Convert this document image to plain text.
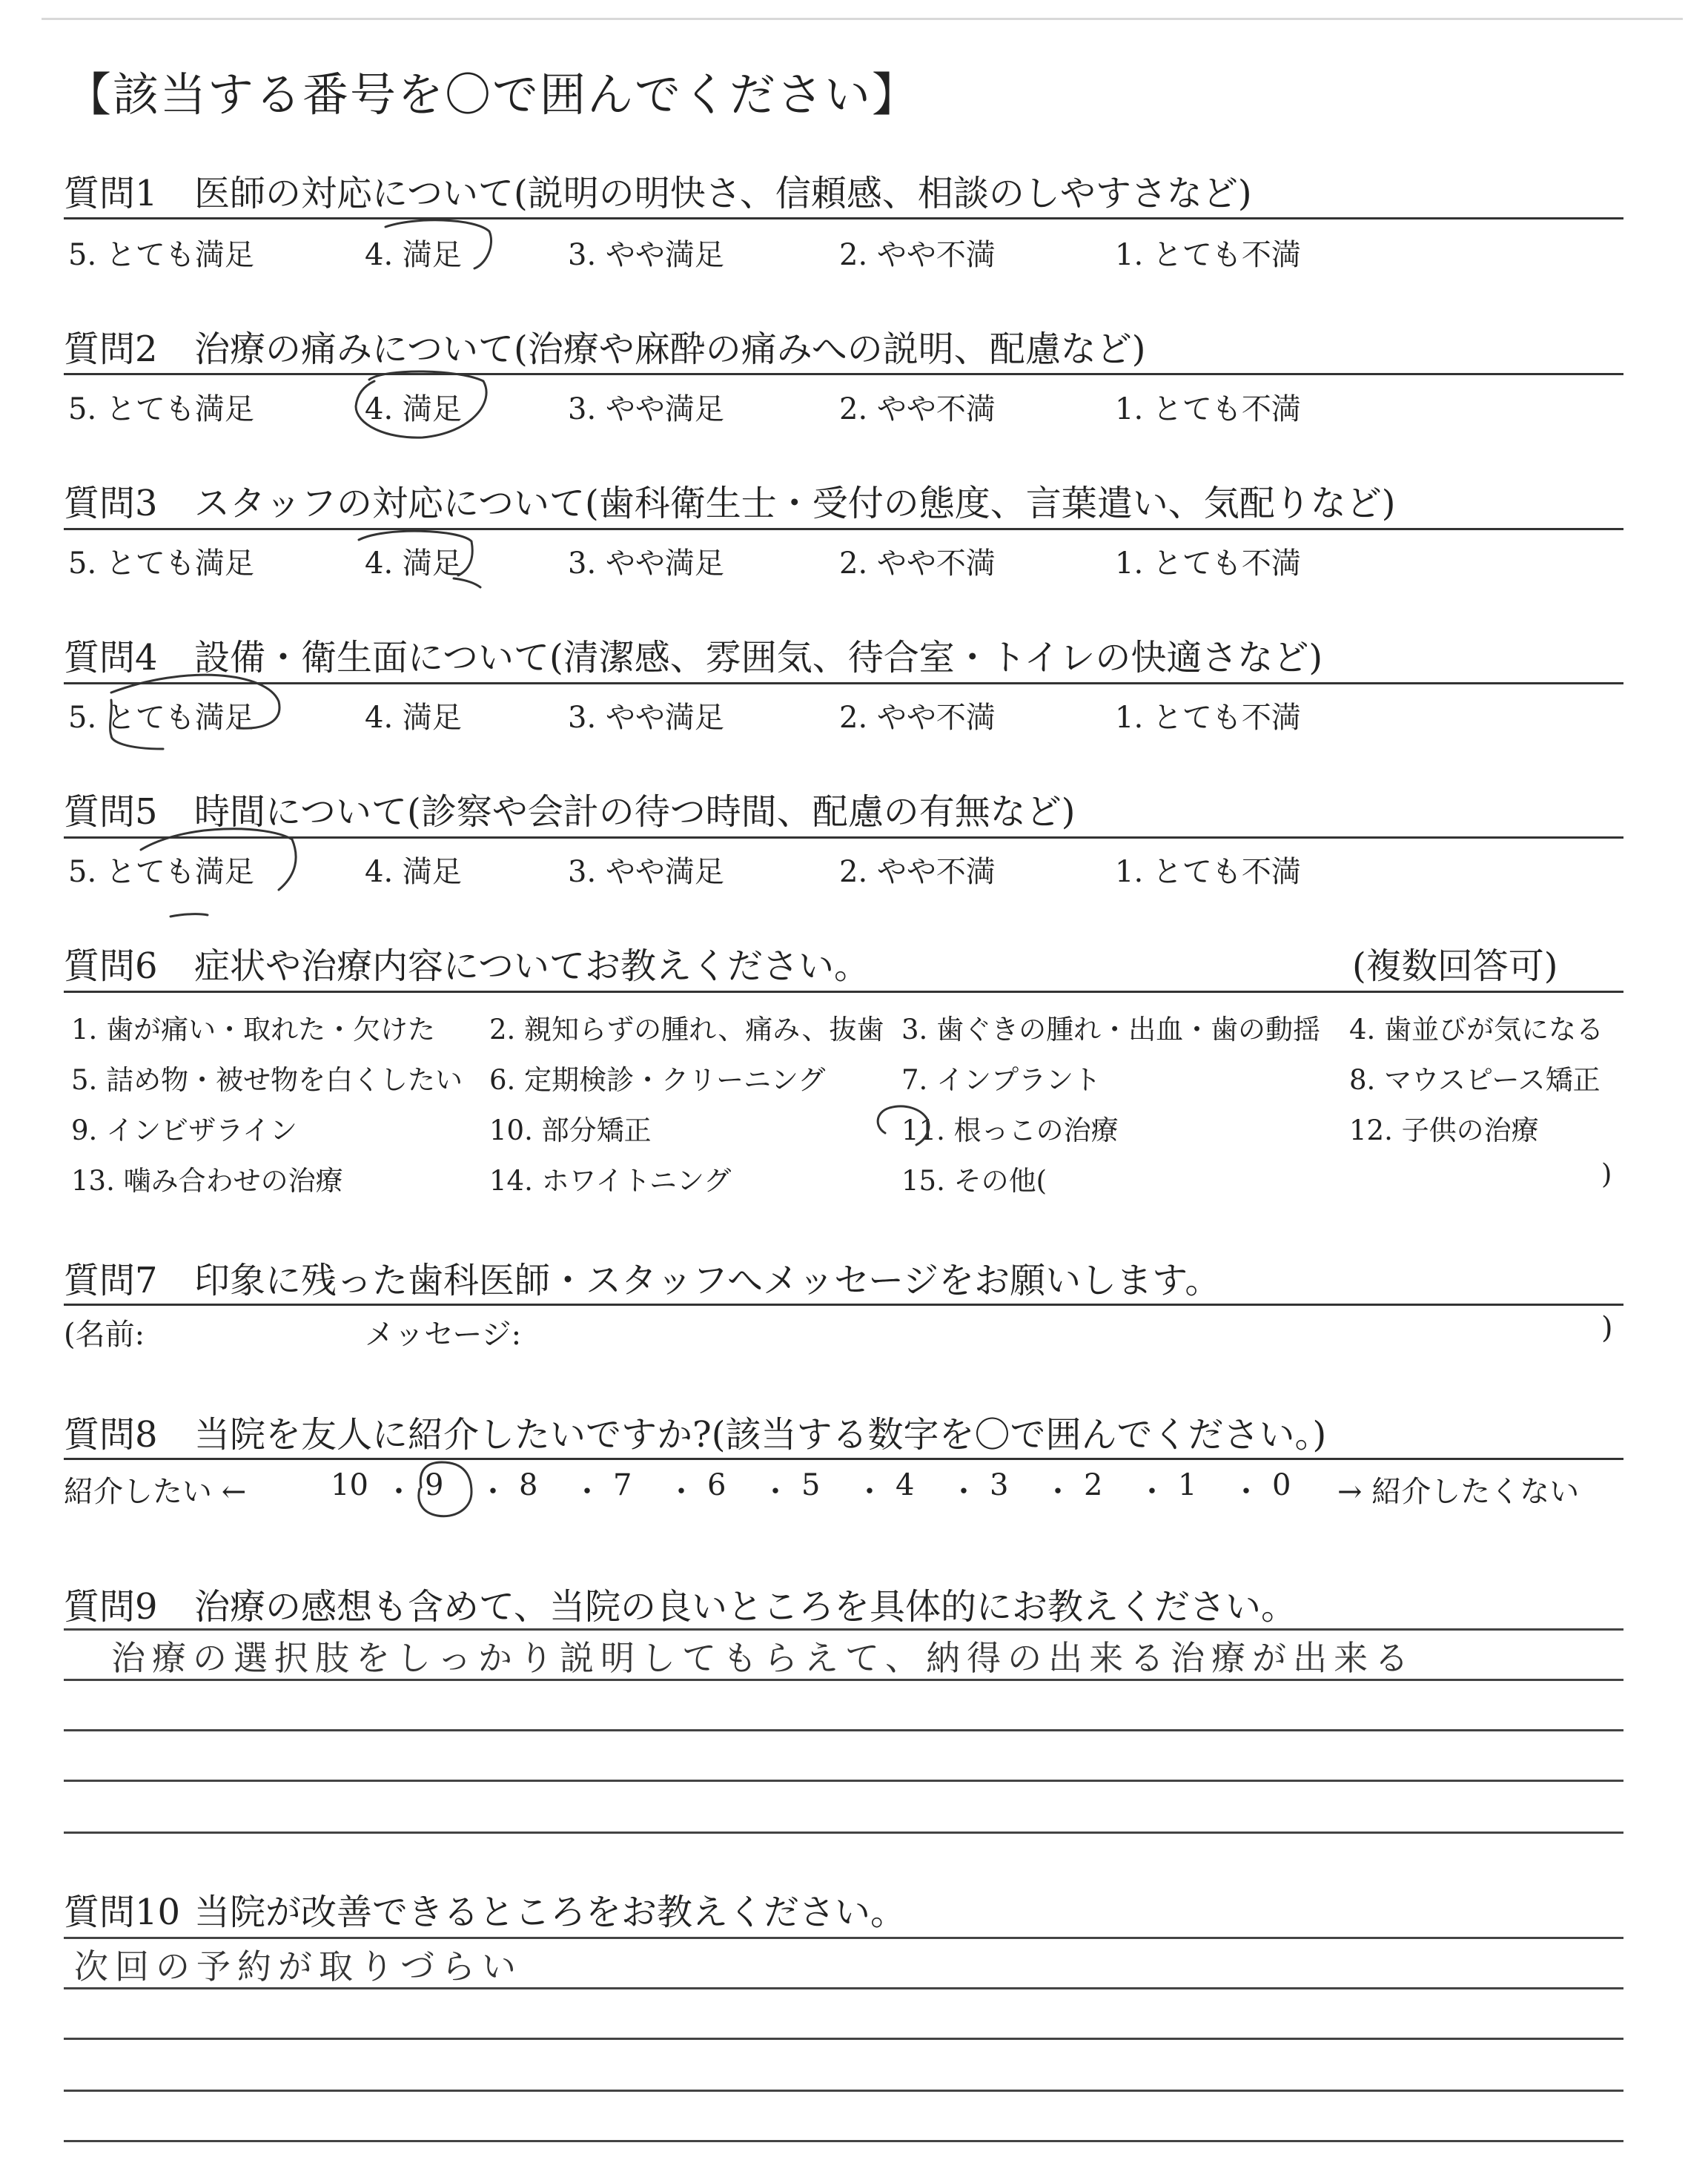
【該当する番号を〇で囲んでください】
質問1 医師の対応について(説明の明快さ、信頼感、相談のしやすさなど)
5. とても満足	4. 満足	3. やや満足	2. やや不満	1. とても不満
質問2 治療の痛みについて(治療や麻酔の痛みへの説明、配慮など)
5. とても満足	4. 満足	3. やや満足	2. やや不満	1. とても不満
質問3 スタッフの対応について(歯科衛生士・受付の態度、言葉遣い、気配りなど)
5. とても満足	4. 満足	3. やや満足	2. やや不満	1. とても不満
質問4 設備・衛生面について(清潔感、雰囲気、待合室・トイレの快適さなど)
5. とても満足	4. 満足	3. やや満足	2. やや不満	1. とても不満
質問5 時間について(診察や会計の待つ時間、配慮の有無など)
5. とても満足	4. 満足	3. やや満足	2. やや不満	1. とても不満
質問6 症状や治療内容についてお教えください。	(複数回答可)
1. 歯が痛い・取れた・欠けた 2. 親知らずの腫れ、痛み、抜歯 3. 歯ぐきの腫れ・出血・歯の動揺 4. 歯並びが気になる
5. 詰め物・被せ物を白くしたい 6. 定期検診・クリーニング	7. インプラント	8. マウスピース矯正
9. インビザライン	10. 部分矯正	11. 根っこの治療	12. 子供の治療
13. 噛み合わせの治療	14. ホワイトニング	15. その他(	)
質問7 印象に残った歯科医師・スタッフへメッセージをお願いします。
(名前:	メッセージ:	)
質問8 当院を友人に紹介したいですか?(該当する数字を〇で囲んでください。)
紹介したい ←	10 ・ 9 ・ 8 ・ 7 ・ 6 ・ 5 ・ 4 ・ 3 ・ 2 ・ 1 ・ 0 → 紹介したくない
質問9 治療の感想も含めて、当院の良いところを具体的にお教えください。
治療の選択肢をしっかり説明してもらえて、納得の出来る治療が出来る
質問10 当院が改善できるところをお教えください。
次回の予約が取りづらい
